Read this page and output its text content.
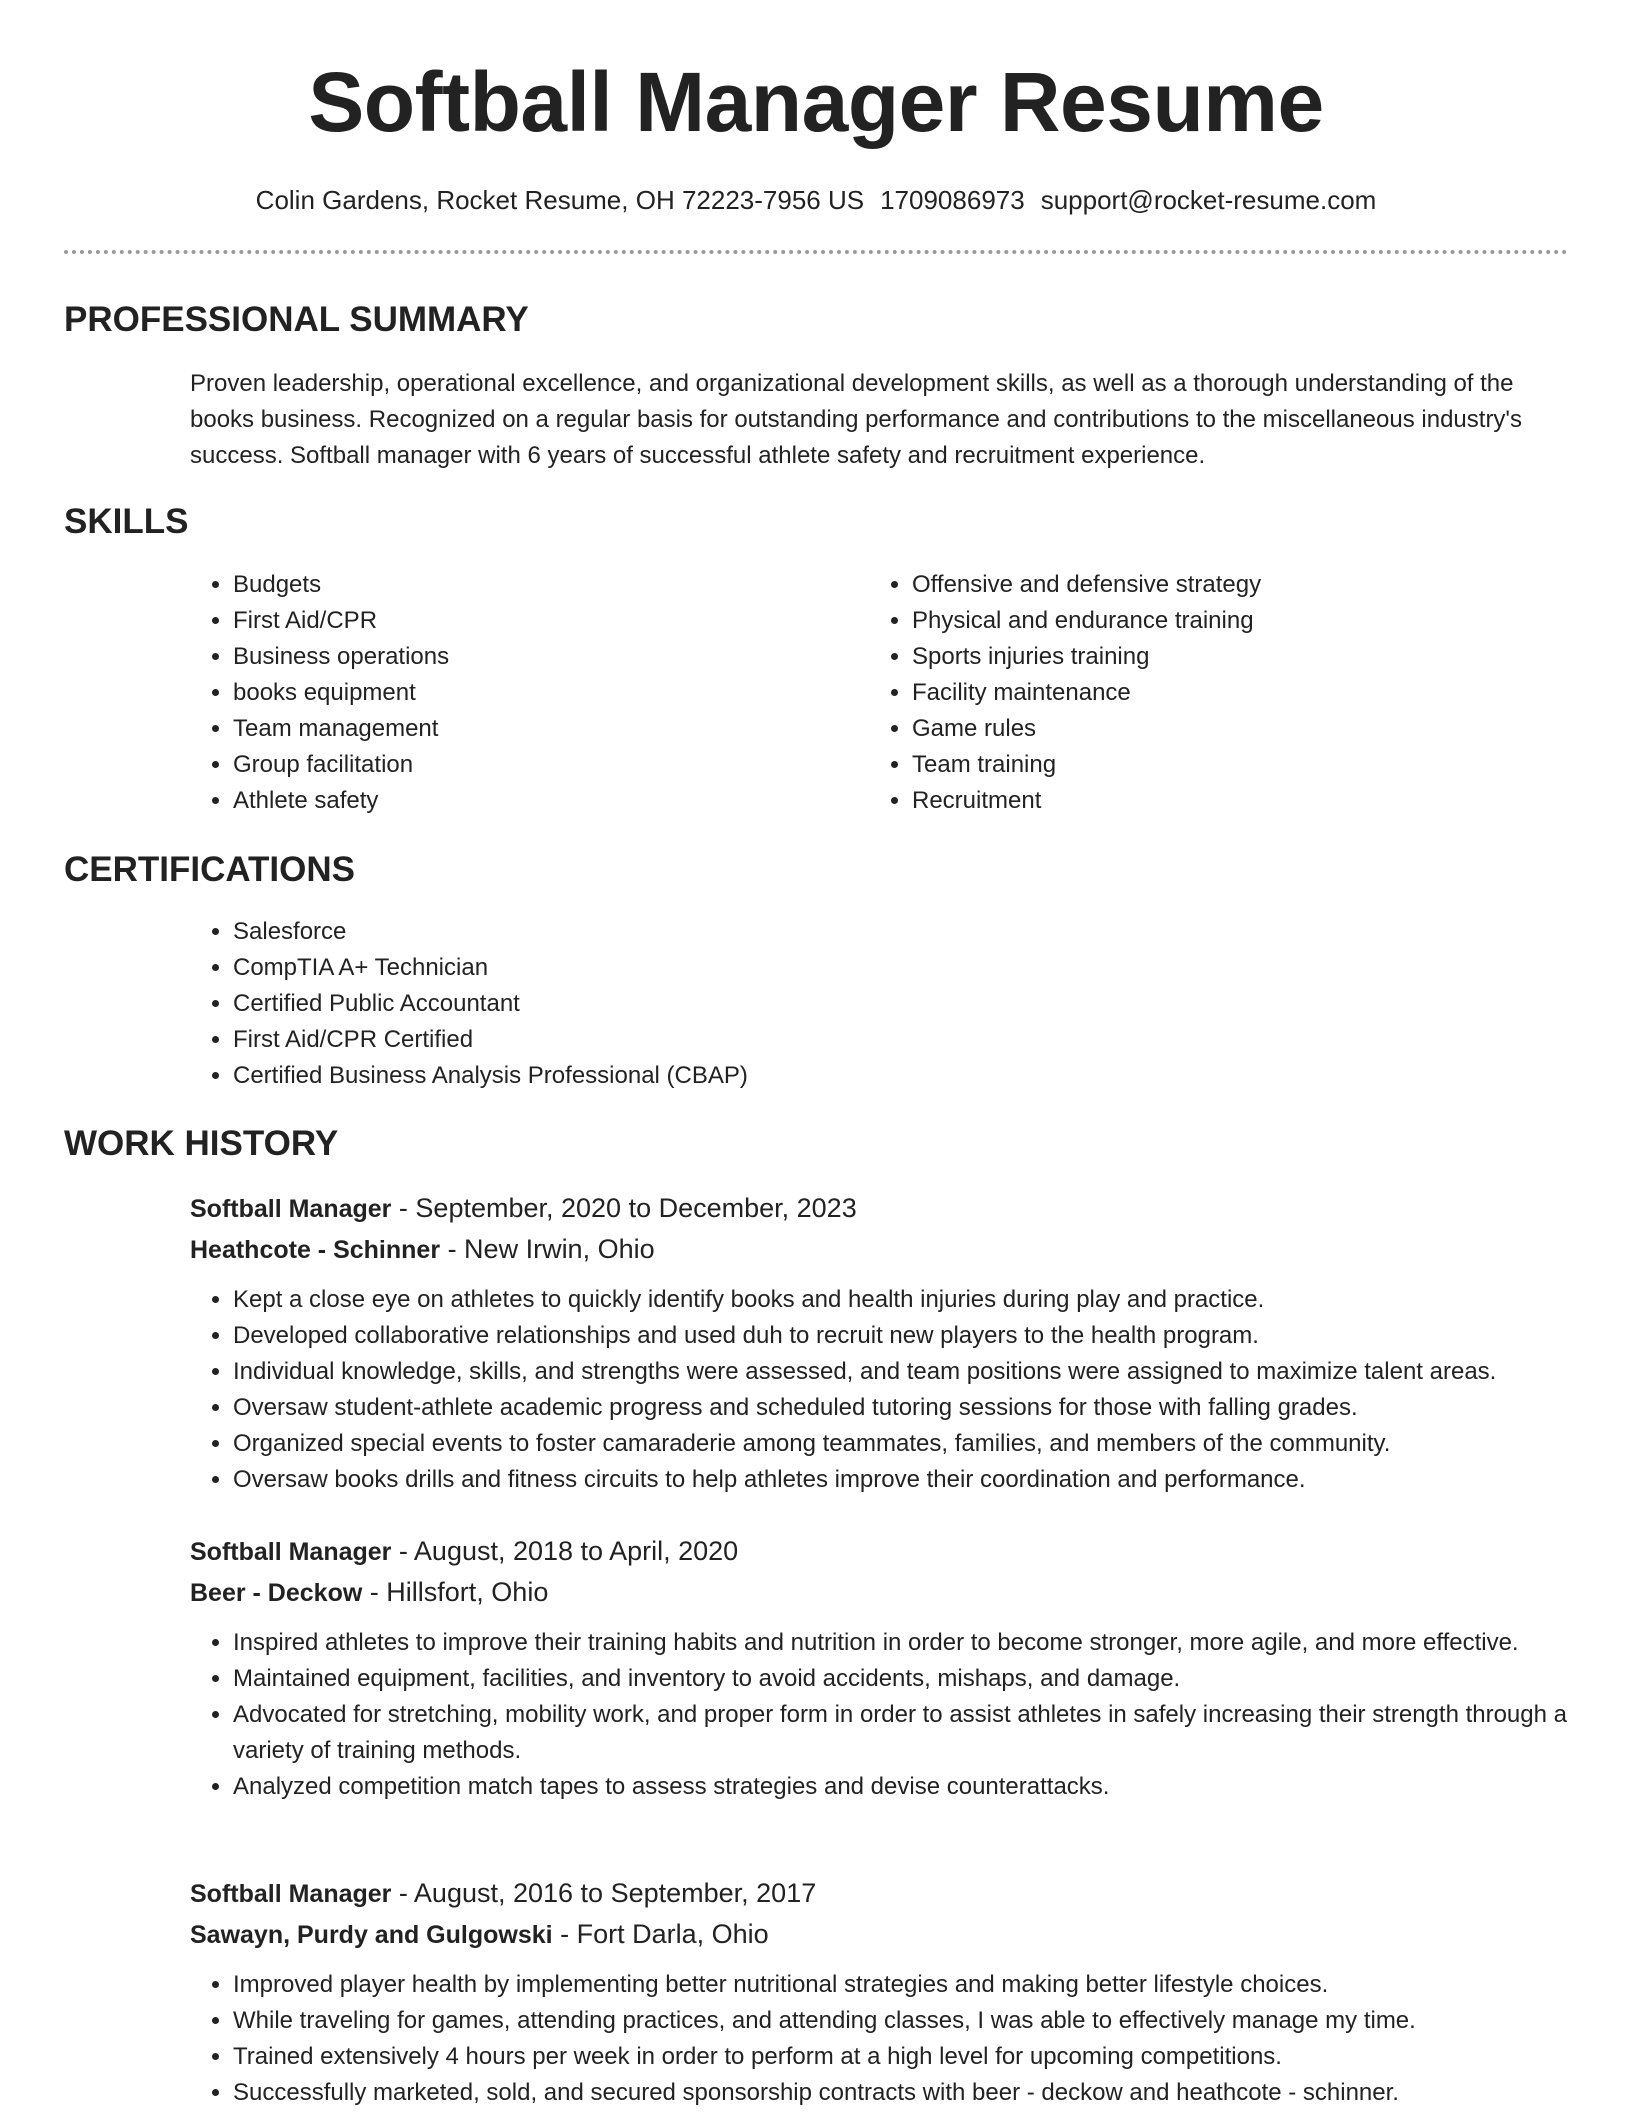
Softball Manager Resume
Colin Gardens, Rocket Resume, OH 72223-7956 US 1709086973 support@rocket-resume.com
PROFESSIONAL SUMMARY

Proven leadership, operational excellence, and organizational development skills, as well as a thorough understanding of the books business. Recognized on a regular basis for outstanding performance and contributions to the miscellaneous industry's success. Softball manager with 6 years of successful athlete safety and recruitment experience.

SKILLS
• Budgets
• First Aid/CPR
• Business operations
• books equipment
• Team management
• Group facilitation
• Athlete safety
• Offensive and defensive strategy
• Physical and endurance training
• Sports injuries training
• Facility maintenance
• Game rules
• Team training
• Recruitment
CERTIFICATIONS
• Salesforce
• CompTIA A+ Technician
• Certified Public Accountant
• First Aid/CPR Certified
• Certified Business Analysis Professional (CBAP)
WORK HISTORY
Softball Manager - September, 2020 to December, 2023
Heathcote - Schinner - New Irwin, Ohio
• Kept a close eye on athletes to quickly identify books and health injuries during play and practice.
• Developed collaborative relationships and used duh to recruit new players to the health program.
• Individual knowledge, skills, and strengths were assessed, and team positions were assigned to maximize talent areas.
• Oversaw student-athlete academic progress and scheduled tutoring sessions for those with falling grades.
• Organized special events to foster camaraderie among teammates, families, and members of the community.
• Oversaw books drills and fitness circuits to help athletes improve their coordination and performance.
Softball Manager - August, 2018 to April, 2020
Beer - Deckow - Hillsfort, Ohio
• Inspired athletes to improve their training habits and nutrition in order to become stronger, more agile, and more effective.
• Maintained equipment, facilities, and inventory to avoid accidents, mishaps, and damage.
• Advocated for stretching, mobility work, and proper form in order to assist athletes in safely increasing their strength through a variety of training methods.
• Analyzed competition match tapes to assess strategies and devise counterattacks.
Softball Manager - August, 2016 to September, 2017
Sawayn, Purdy and Gulgowski - Fort Darla, Ohio
• Improved player health by implementing better nutritional strategies and making better lifestyle choices.
• While traveling for games, attending practices, and attending classes, I was able to effectively manage my time.
• Trained extensively 4 hours per week in order to perform at a high level for upcoming competitions.
• Successfully marketed, sold, and secured sponsorship contracts with beer - deckow and heathcote - schinner.
